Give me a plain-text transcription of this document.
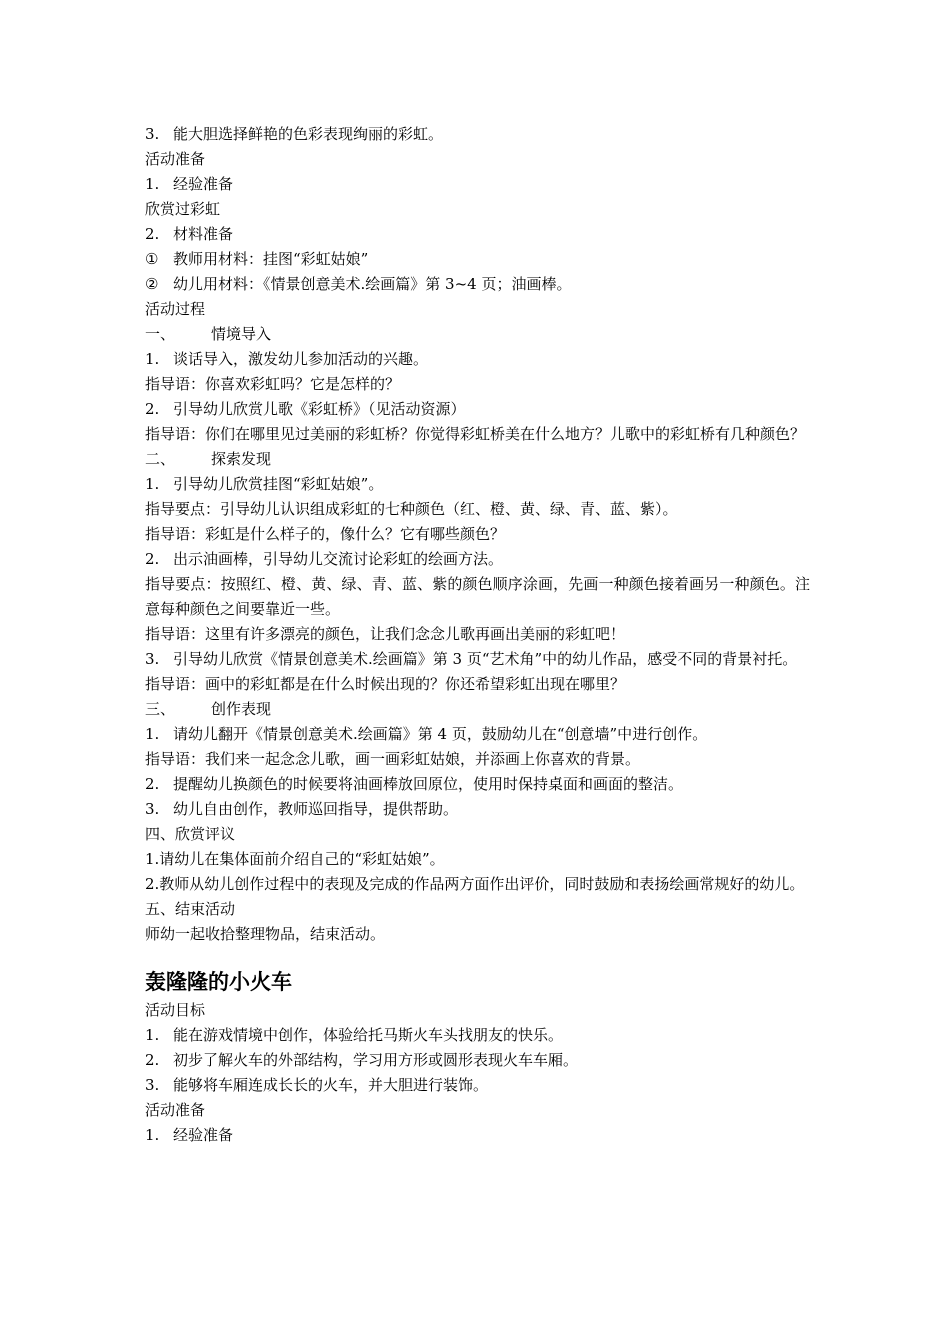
3. 能大胆选择鲜艳的色彩表现绚丽的彩虹。
活动准备
1. 经验准备
欣赏过彩虹
2. 材料准备
① 教师用材料：挂图“彩虹姑娘”
② 幼儿用材料：《情景创意美术.绘画篇》第 3~4 页；油画棒。
活动过程
一、 情境导入
1. 谈话导入，激发幼儿参加活动的兴趣。
指导语：你喜欢彩虹吗？它是怎样的？
2. 引导幼儿欣赏儿歌《彩虹桥》（见活动资源）
指导语：你们在哪里见过美丽的彩虹桥？你觉得彩虹桥美在什么地方？儿歌中的彩虹桥有几种颜色？
二、 探索发现
1. 引导幼儿欣赏挂图“彩虹姑娘”。
指导要点：引导幼儿认识组成彩虹的七种颜色（红、橙、黄、绿、青、蓝、紫）。
指导语：彩虹是什么样子的，像什么？它有哪些颜色？
2. 出示油画棒，引导幼儿交流讨论彩虹的绘画方法。
指导要点：按照红、橙、黄、绿、青、蓝、紫的颜色顺序涂画，先画一种颜色接着画另一种颜色。注意每种颜色之间要靠近一些。
指导语：这里有许多漂亮的颜色，让我们念念儿歌再画出美丽的彩虹吧！
3. 引导幼儿欣赏《情景创意美术.绘画篇》第 3 页“艺术角”中的幼儿作品，感受不同的背景衬托。
指导语：画中的彩虹都是在什么时候出现的？你还希望彩虹出现在哪里？
三、 创作表现
1. 请幼儿翻开《情景创意美术.绘画篇》第 4 页，鼓励幼儿在“创意墙”中进行创作。
指导语：我们来一起念念儿歌，画一画彩虹姑娘，并添画上你喜欢的背景。
2. 提醒幼儿换颜色的时候要将油画棒放回原位，使用时保持桌面和画面的整洁。
3. 幼儿自由创作，教师巡回指导，提供帮助。
四、欣赏评议
1.请幼儿在集体面前介绍自己的“彩虹姑娘”。
2.教师从幼儿创作过程中的表现及完成的作品两方面作出评价，同时鼓励和表扬绘画常规好的幼儿。
五、结束活动
师幼一起收拾整理物品，结束活动。
轰隆隆的小火车
活动目标
1. 能在游戏情境中创作，体验给托马斯火车头找朋友的快乐。
2. 初步了解火车的外部结构，学习用方形或圆形表现火车车厢。
3. 能够将车厢连成长长的火车，并大胆进行装饰。
活动准备
1. 经验准备
